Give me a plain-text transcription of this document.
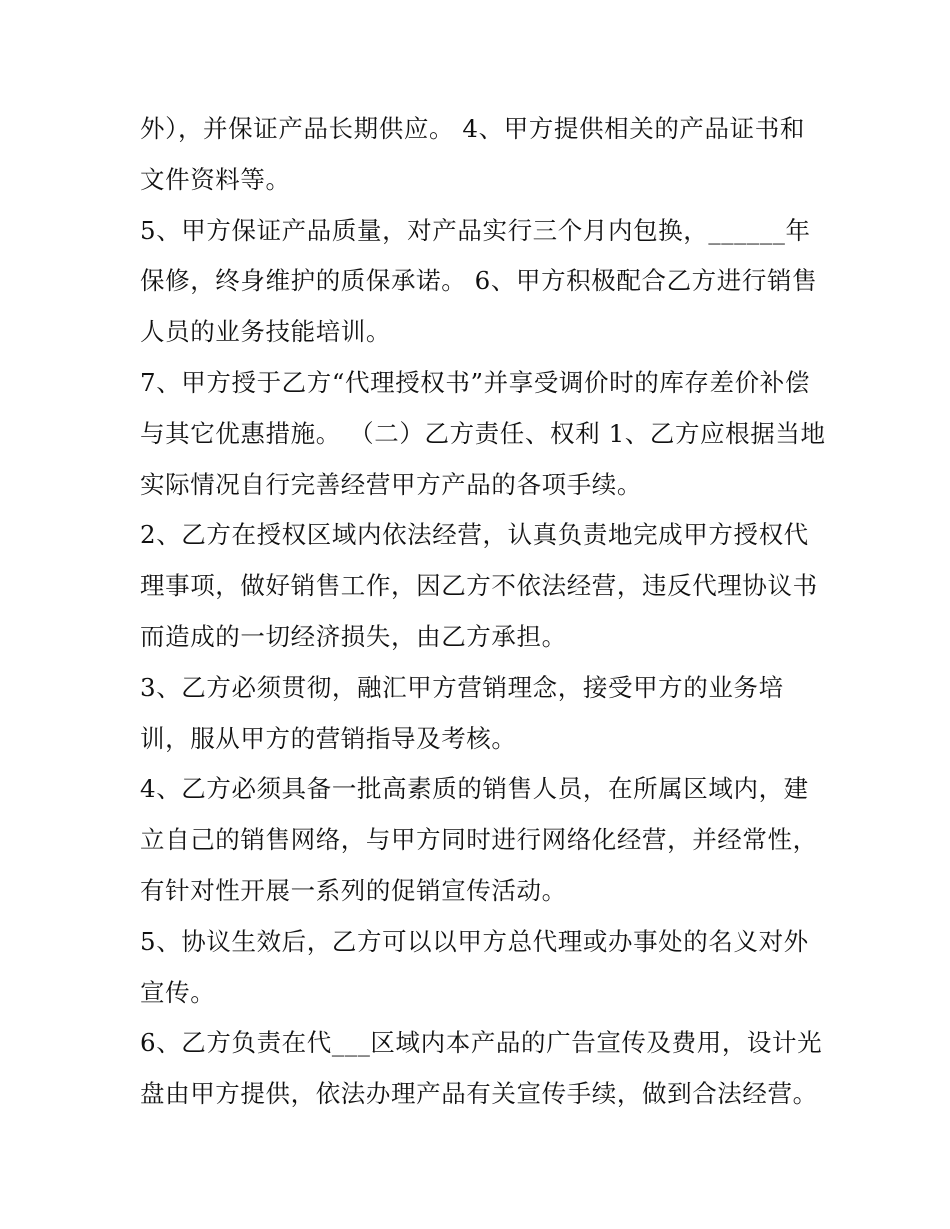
外），并保证产品长期供应。 4、甲方提供相关的产品证书和
文件资料等。
5、甲方保证产品质量，对产品实行三个月内包换，______年
保修，终身维护的质保承诺。 6、甲方积极配合乙方进行销售
人员的业务技能培训。
7、甲方授于乙方“代理授权书”并享受调价时的库存差价补偿
与其它优惠措施。 （二）乙方责任、权利 1、乙方应根据当地
实际情况自行完善经营甲方产品的各项手续。
2、乙方在授权区域内依法经营，认真负责地完成甲方授权代
理事项，做好销售工作，因乙方不依法经营，违反代理协议书
而造成的一切经济损失，由乙方承担。
3、乙方必须贯彻，融汇甲方营销理念，接受甲方的业务培
训，服从甲方的营销指导及考核。
4、乙方必须具备一批高素质的销售人员，在所属区域内，建
立自己的销售网络，与甲方同时进行网络化经营，并经常性，
有针对性开展一系列的促销宣传活动。
5、协议生效后，乙方可以以甲方总代理或办事处的名义对外
宣传。
6、乙方负责在代___区域内本产品的广告宣传及费用，设计光
盘由甲方提供，依法办理产品有关宣传手续，做到合法经营。
